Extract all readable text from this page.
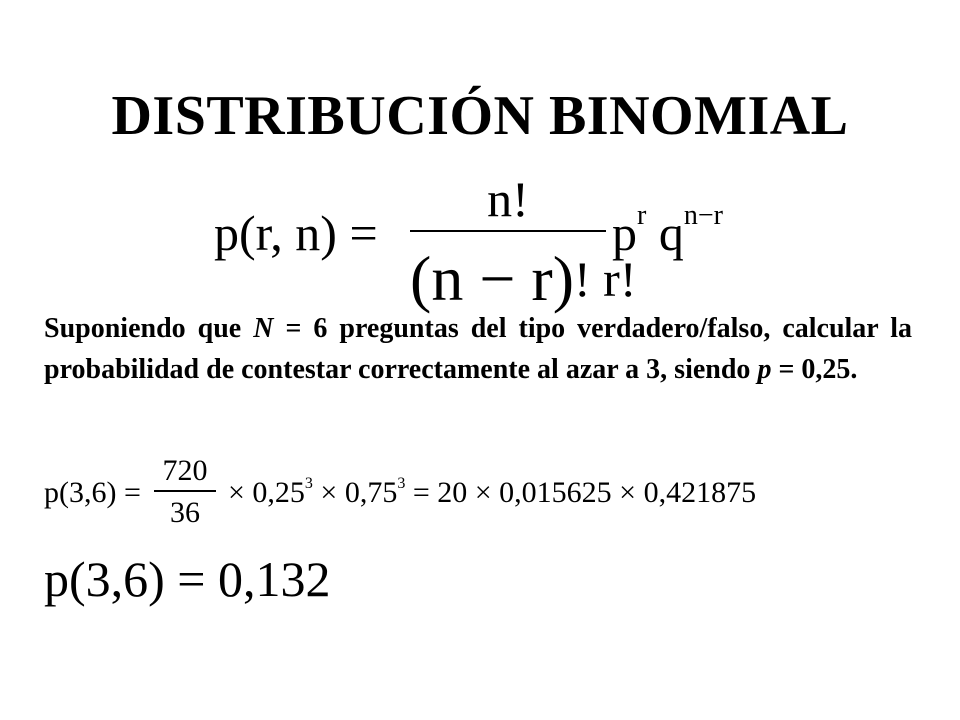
DISTRIBUCIÓN BINOMIAL
p(r, n) =
n!
(n − r)! r!
$p^r$ $q^{n-r}$
Suponiendo que N = 6 preguntas del tipo verdadero/falso, calcular la probabilidad de contestar correctamente al azar a 3, siendo p = 0,25.
p(3,6) =
720
36
× $0,25^3 \times 0,75^3 = 20 \times 0,015625 \times 0,421875$
p(3,6) = 0,132
